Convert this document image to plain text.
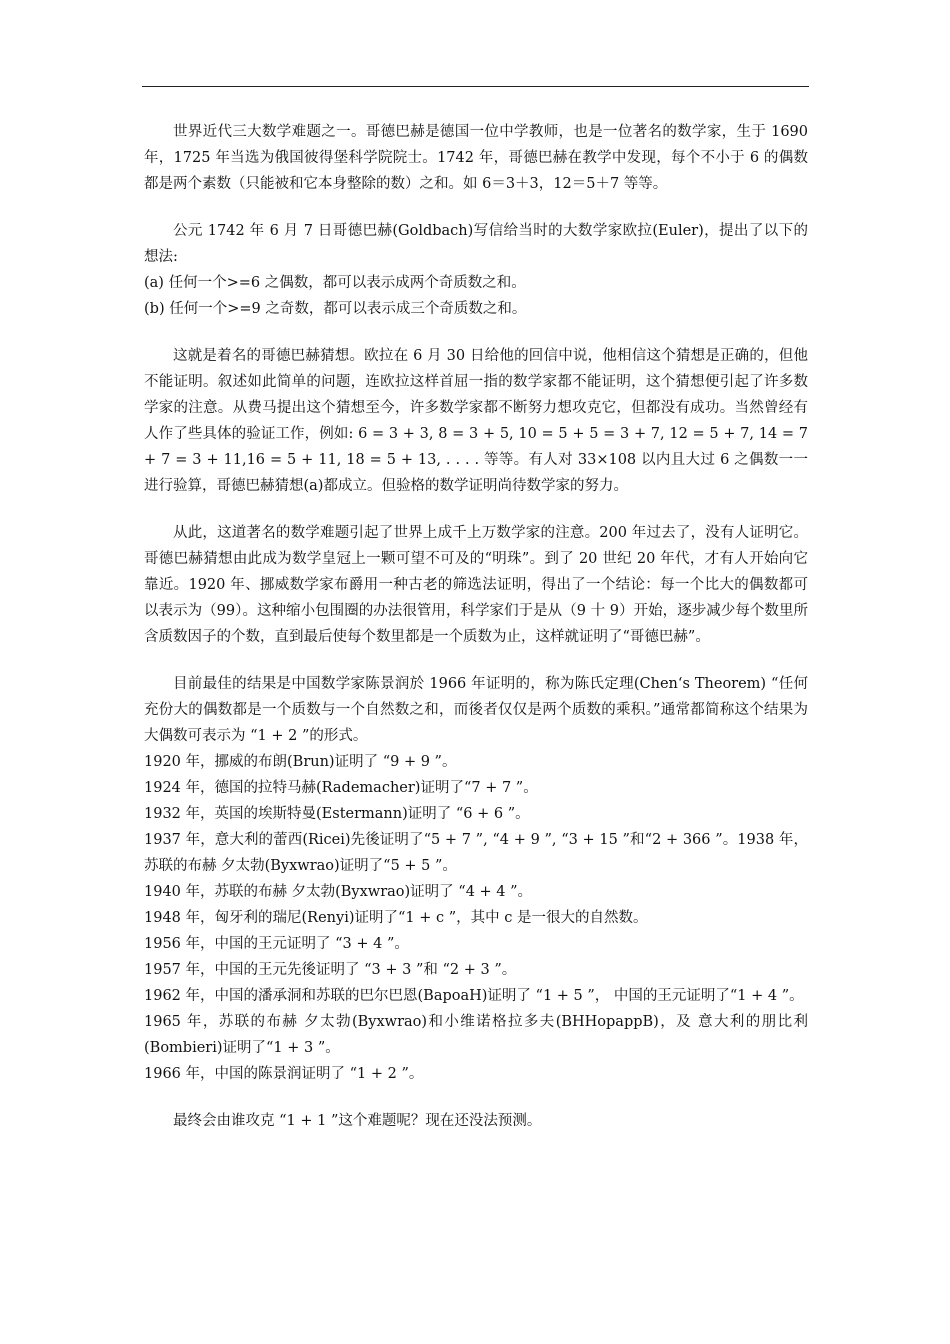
世界近代三大数学难题之一。哥德巴赫是德国一位中学教师，也是一位著名的数学家，生于 1690 年，1725 年当选为俄国彼得堡科学院院士。1742 年，哥德巴赫在教学中发现，每个不小于 6 的偶数都是两个素数（只能被和它本身整除的数）之和。如 6＝3＋3，12＝5＋7 等等。

公元 1742 年 6 月 7 日哥德巴赫(Goldbach)写信给当时的大数学家欧拉(Euler)，提出了以下的想法:
(a) 任何一个>=6 之偶数，都可以表示成两个奇质数之和。
(b) 任何一个>=9 之奇数，都可以表示成三个奇质数之和。

这就是着名的哥德巴赫猜想。欧拉在 6 月 30 日给他的回信中说，他相信这个猜想是正确的，但他不能证明。叙述如此简单的问题，连欧拉这样首屈一指的数学家都不能证明，这个猜想便引起了许多数学家的注意。从费马提出这个猜想至今，许多数学家都不断努力想攻克它，但都没有成功。当然曾经有人作了些具体的验证工作，例如: 6 = 3 + 3, 8 = 3 + 5, 10 = 5 + 5 = 3 + 7, 12 = 5 + 7, 14 = 7 + 7 = 3 + 11,16 = 5 + 11, 18 = 5 + 13, . . . . 等等。有人对 33×108 以内且大过 6 之偶数一一进行验算，哥德巴赫猜想(a)都成立。但验格的数学证明尚待数学家的努力。

从此，这道著名的数学难题引起了世界上成千上万数学家的注意。200 年过去了，没有人证明它。哥德巴赫猜想由此成为数学皇冠上一颗可望不可及的“明珠”。到了 20 世纪 20 年代，才有人开始向它靠近。1920 年、挪威数学家布爵用一种古老的筛选法证明，得出了一个结论：每一个比大的偶数都可以表示为（99）。这种缩小包围圈的办法很管用，科学家们于是从（9 十 9）开始，逐步减少每个数里所含质数因子的个数，直到最后使每个数里都是一个质数为止，这样就证明了“哥德巴赫”。

目前最佳的结果是中国数学家陈景润於 1966 年证明的，称为陈氏定理(Chen‘s Theorem) “任何充份大的偶数都是一个质数与一个自然数之和，而後者仅仅是两个质数的乘积。”通常都简称这个结果为大偶数可表示为 “1 + 2 ”的形式。
1920 年，挪威的布朗(Brun)证明了 “9 + 9 ”。
1924 年，德国的拉特马赫(Rademacher)证明了“7 + 7 ”。
1932 年，英国的埃斯特曼(Estermann)证明了 “6 + 6 ”。
1937 年，意大利的蕾西(Ricei)先後证明了“5 + 7 ”, “4 + 9 ”, “3 + 15 ”和“2 + 366 ”。1938 年，苏联的布赫 夕太勃(Byxwrao)证明了“5 + 5 ”。
1940 年，苏联的布赫 夕太勃(Byxwrao)证明了 “4 + 4 ”。
1948 年，匈牙利的瑞尼(Renyi)证明了“1 + c ”，其中 c 是一很大的自然数。
1956 年，中国的王元证明了 “3 + 4 ”。
1957 年，中国的王元先後证明了 “3 + 3 ”和 “2 + 3 ”。
1962 年，中国的潘承洞和苏联的巴尔巴恩(BapoaH)证明了 “1 + 5 ”， 中国的王元证明了“1 + 4 ”。
1965 年，苏联的布赫 夕太勃(Byxwrao)和小维诺格拉多夫(BHHopappB)，及 意大利的朋比利(Bombieri)证明了“1 + 3 ”。
1966 年，中国的陈景润证明了 “1 + 2 ”。

最终会由谁攻克 “1 + 1 ”这个难题呢？现在还没法预测。
